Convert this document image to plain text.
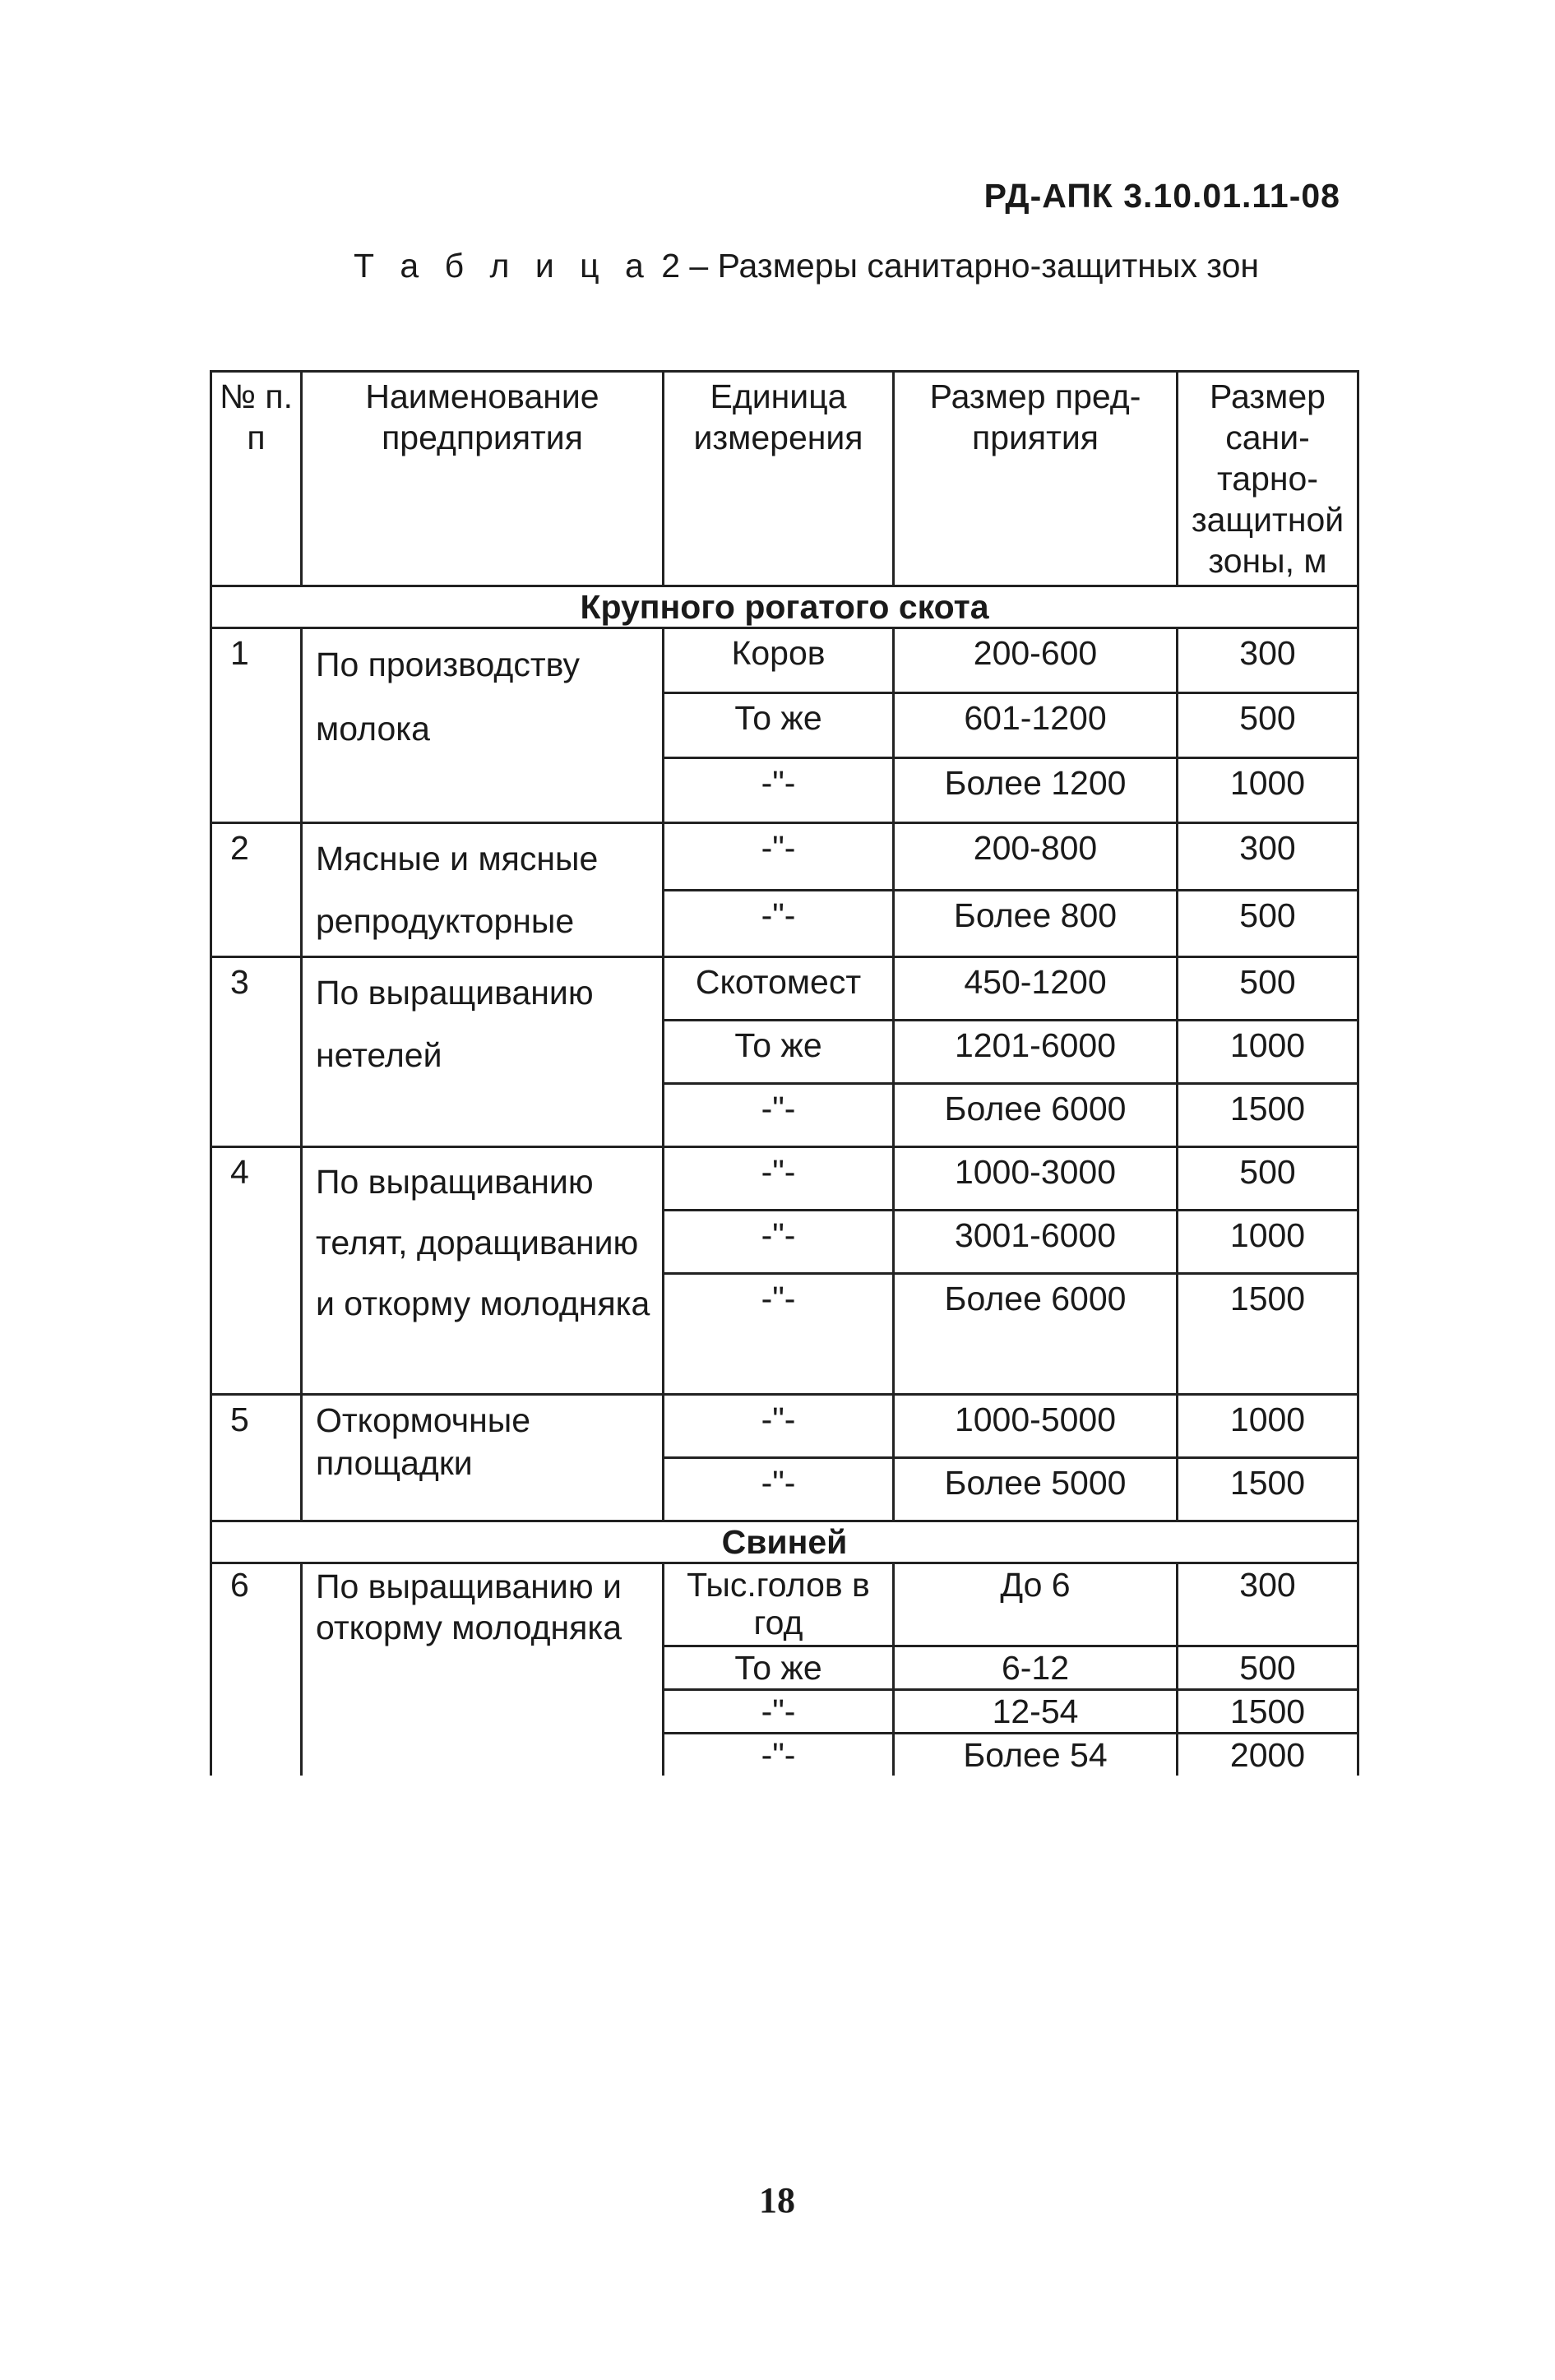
РД-АПК 3.10.01.11-08
Т а б л и ц а 2 – Размеры санитарно-защитных зон
№ п. п	Наименование предприятия	Единица измерения	Размер пред-приятия	Размер сани-тарно-защитной зоны, м
Крупного рогатого скота				
1	По производству молока	Коров	200-600	300
		То же	601-1200	500
		-"-	Более 1200	1000
2	Мясные и мясные репродукторные	-"-	200-800	300
		-"-	Более 800	500
3	По выращиванию нетелей	Скотомест	450-1200	500
		То же	1201-6000	1000
		-"-	Более 6000	1500
4	По выращиванию телят, доращиванию и откорму молодняка	-"-	1000-3000	500
		-"-	3001-6000	1000
		-"-	Более 6000	1500
5	Откормочные площадки	-"-	1000-5000	1000
		-"-	Более 5000	1500
Свиней				
6	По выращиванию и откорму молодняка	Тыс.голов в год	До 6	300
		То же	6-12	500
		-"-	12-54	1500
		-"-	Более 54	2000
18
